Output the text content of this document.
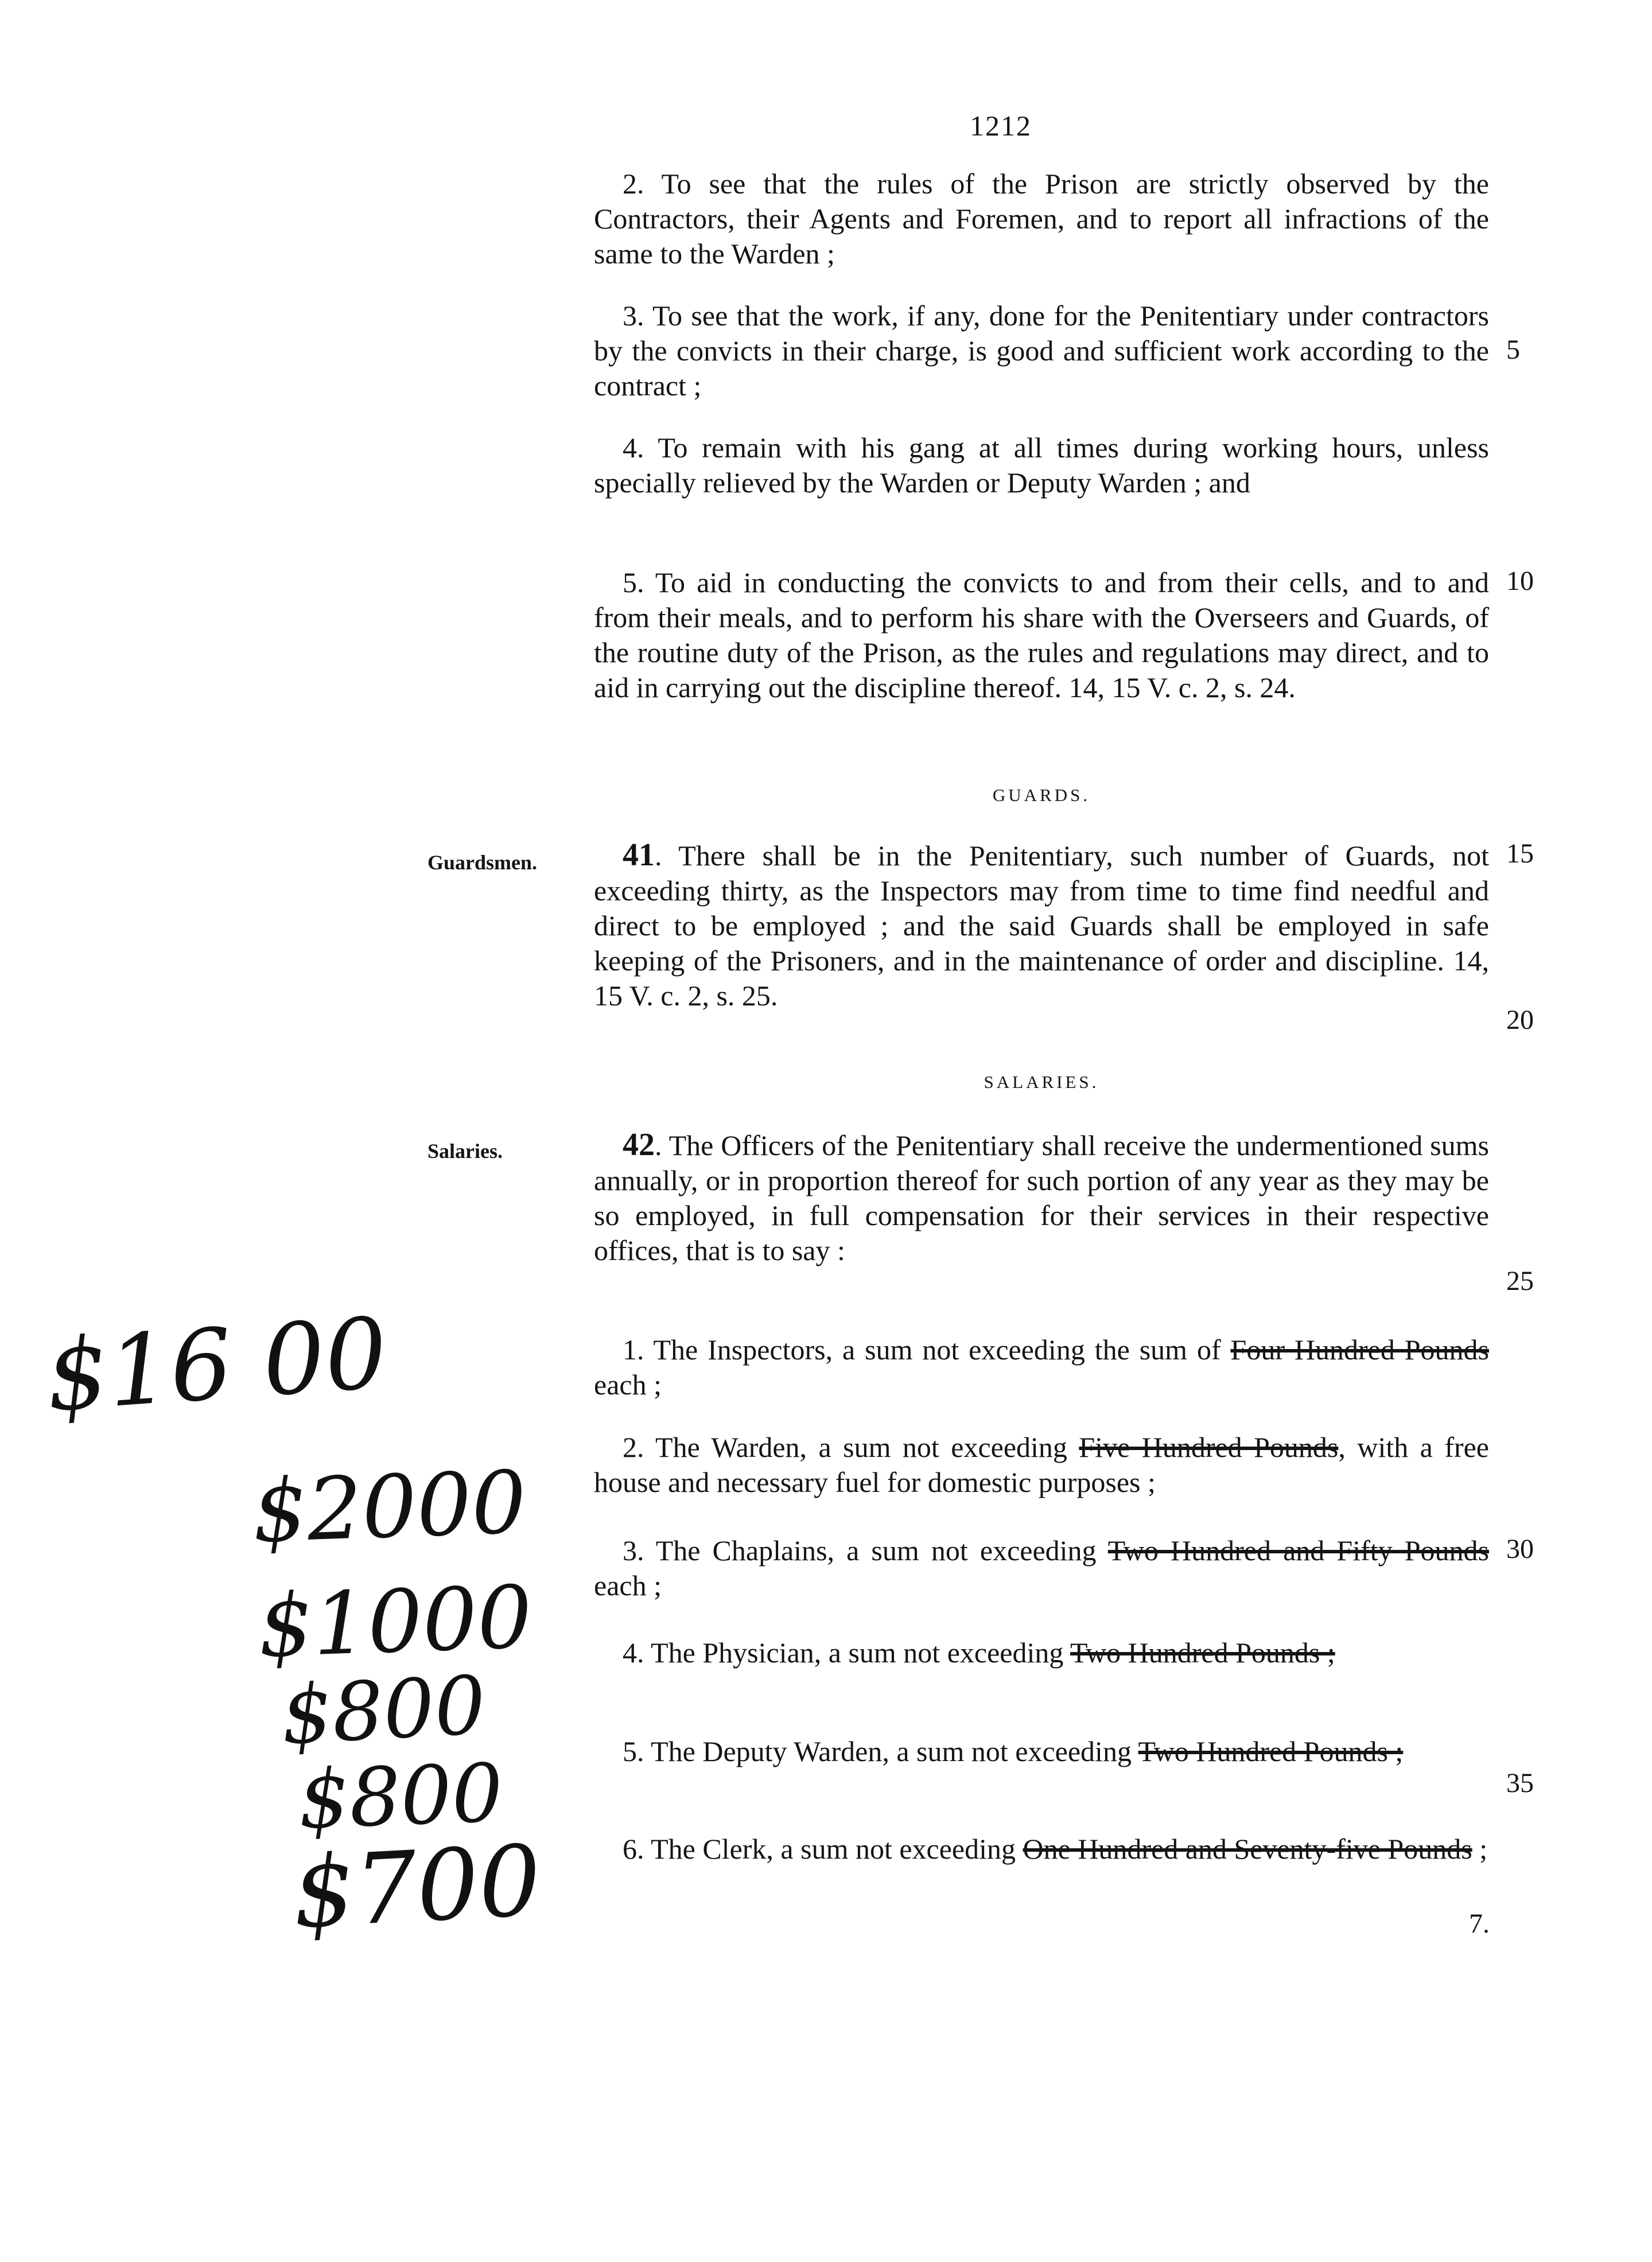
1212

2. To see that the rules of the Prison are strictly observed by the Contractors, their Agents and Foremen, and to report all infractions of the same to the Warden ;

3. To see that the work, if any, done for the Penitentiary under contractors by the convicts in their charge, is good and sufficient work according to the contract ;

4. To remain with his gang at all times during working hours, unless specially relieved by the Warden or Deputy Warden ; and

5. To aid in conducting the convicts to and from their cells, and to and from their meals, and to perform his share with the Overseers and Guards, of the routine duty of the Prison, as the rules and regulations may direct, and to aid in carrying out the discipline thereof. 14, 15 V. c. 2, s. 24.

GUARDS.

Guardsmen.	41. There shall be in the Penitentiary, such number of Guards, not exceeding thirty, as the Inspectors may from time to time find needful and direct to be employed ; and the said Guards shall be employed in safe keeping of the Prisoners, and in the maintenance of order and discipline. 14, 15 V. c. 2, s. 25.

SALARIES.

Salaries.	42. The Officers of the Penitentiary shall receive the undermentioned sums annually, or in proportion thereof for such portion of any year as they may be so employed, in full compensation for their services in their respective offices, that is to say :

1. The Inspectors, a sum not exceeding the sum of Four Hundred Pounds each ;

2. The Warden, a sum not exceeding Five Hundred Pounds, with a free house and necessary fuel for domestic purposes ;

3. The Chaplains, a sum not exceeding Two Hundred and Fifty Pounds each ;

4. The Physician, a sum not exceeding Two Hundred Pounds ;

5. The Deputy Warden, a sum not exceeding Two Hundred Pounds ;

6. The Clerk, a sum not exceeding One Hundred and Seventy-five Pounds ;

5

10

15

20

25

30

35

7.

$16 00

$2000

$1000

$800

$800

$700
